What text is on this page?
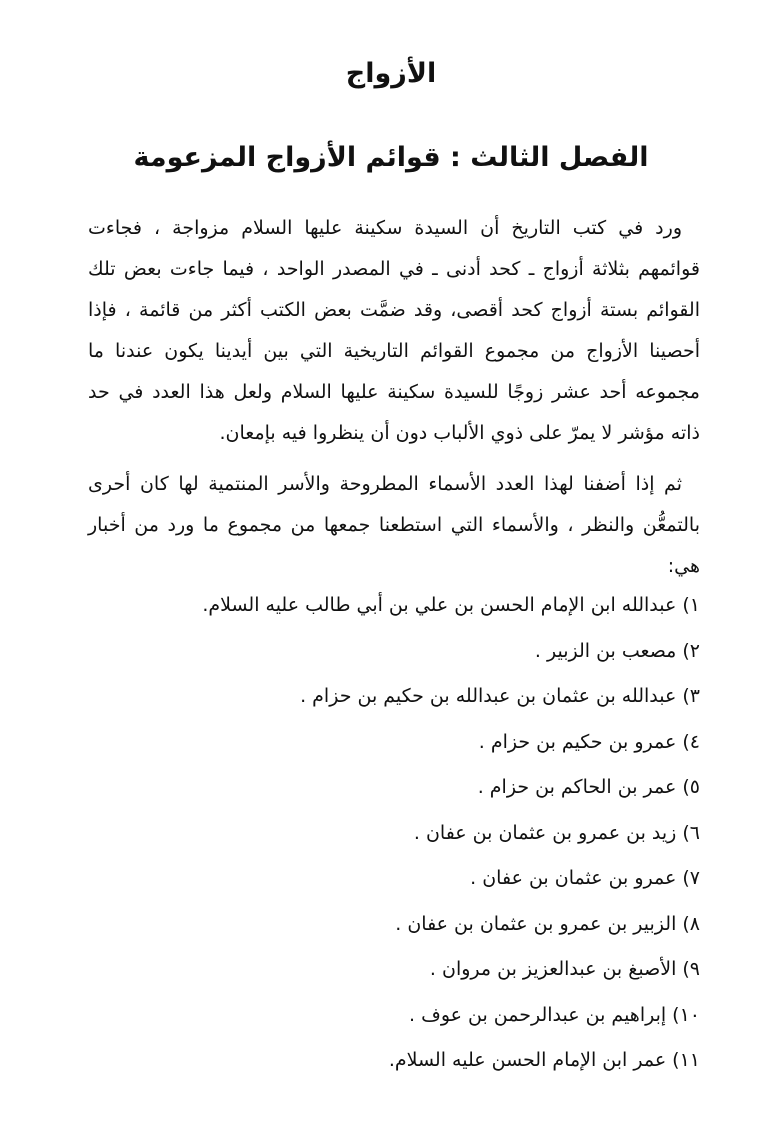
الأزواج
الفصل الثالث : قوائم الأزواج المزعومة

ورد في كتب التاريخ أن السيدة سكينة عليها السلام مزواجة ، فجاءت قوائمهم بثلاثة أزواج ـ كحد أدنى ـ في المصدر الواحد ، فيما جاءت بعض تلك القوائم بستة أزواج كحد أقصى، وقد ضمَّت بعض الكتب أكثر من قائمة ، فإذا أحصينا الأزواج من مجموع القوائم التاريخية التي بين أيدينا يكون عندنا ما مجموعه أحد عشر زوجًا للسيدة سكينة عليها السلام ولعل هذا العدد في حد ذاته مؤشر لا يمرّ على ذوي الألباب دون أن ينظروا فيه بإمعان.

ثم إذا أضفنا لهذا العدد الأسماء المطروحة والأسر المنتمية لها كان أحرى بالتمعُّن والنظر ، والأسماء التي استطعنا جمعها من مجموع ما ورد من أخبار هي:

١)عبدالله ابن الإمام الحسن بن علي بن أبي طالب عليه السلام.
٢)مصعب بن الزبير .
٣)عبدالله بن عثمان بن عبدالله بن حكيم بن حزام .
٤)عمرو بن حكيم بن حزام .
٥)عمر بن الحاكم بن حزام .
٦)زيد بن عمرو بن عثمان بن عفان .
٧)عمرو بن عثمان بن عفان .
٨)الزبير بن عمرو بن عثمان بن عفان .
٩)الأصبغ بن عبدالعزيز بن مروان .
١٠)إبراهيم بن عبدالرحمن بن عوف .
١١)عمر ابن الإمام الحسن عليه السلام.
